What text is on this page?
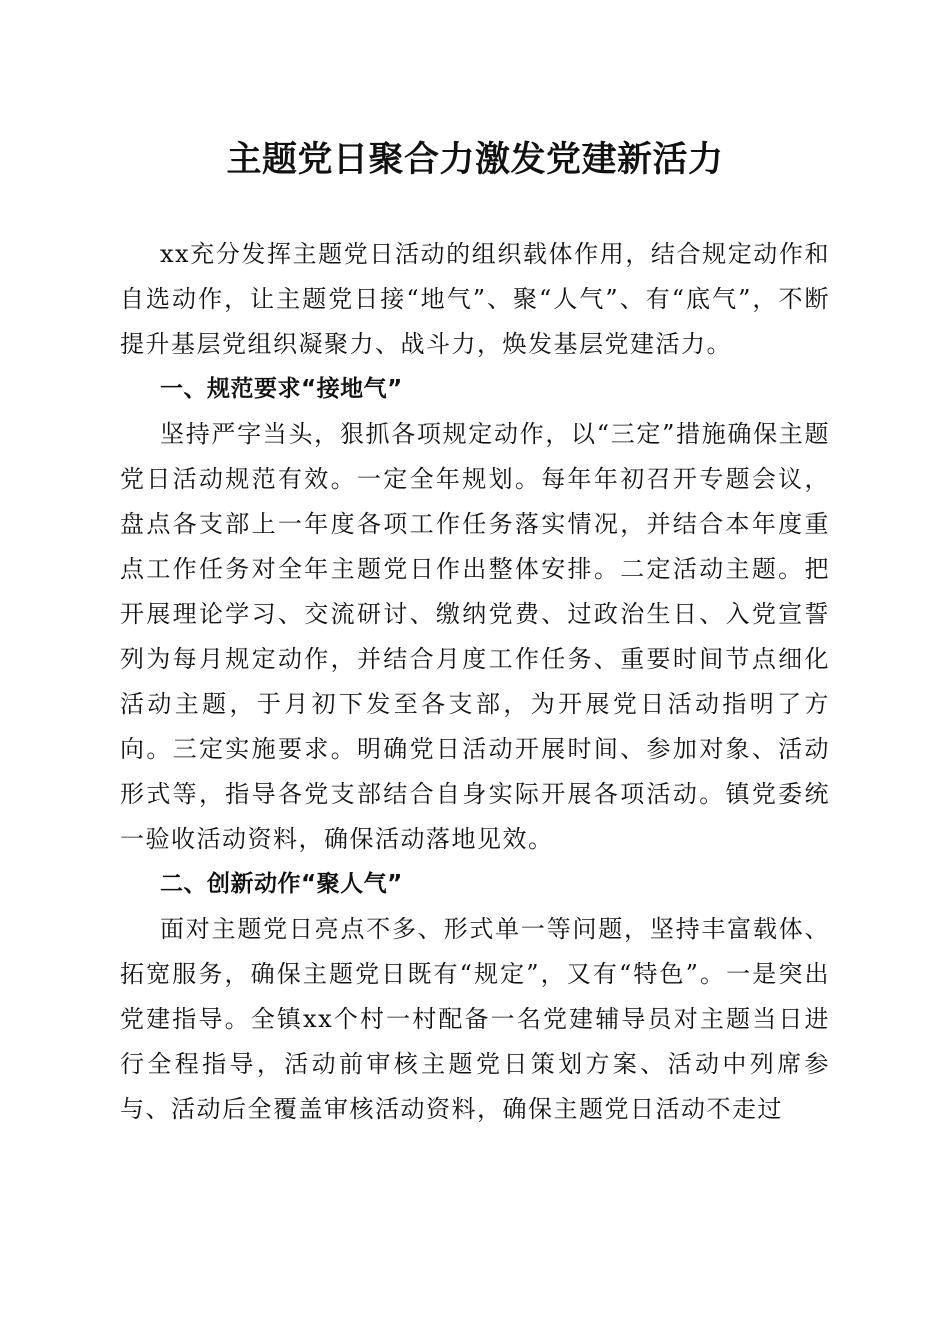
主题党日聚合力激发党建新活力

xx充分发挥主题党日活动的组织载体作用，结合规定动作和自选动作，让主题党日接“地气”、聚“人气”、有“底气”，不断提升基层党组织凝聚力、战斗力，焕发基层党建活力。

一、规范要求“接地气”

坚持严字当头，狠抓各项规定动作，以“三定”措施确保主题党日活动规范有效。一定全年规划。每年年初召开专题会议，盘点各支部上一年度各项工作任务落实情况，并结合本年度重点工作任务对全年主题党日作出整体安排。二定活动主题。把开展理论学习、交流研讨、缴纳党费、过政治生日、入党宣誓列为每月规定动作，并结合月度工作任务、重要时间节点细化活动主题，于月初下发至各支部，为开展党日活动指明了方向。三定实施要求。明确党日活动开展时间、参加对象、活动形式等，指导各党支部结合自身实际开展各项活动。镇党委统一验收活动资料，确保活动落地见效。

二、创新动作“聚人气”

面对主题党日亮点不多、形式单一等问题，坚持丰富载体、拓宽服务，确保主题党日既有“规定”，又有“特色”。一是突出党建指导。全镇xx个村一村配备一名党建辅导员对主题当日进行全程指导，活动前审核主题党日策划方案、活动中列席参与、活动后全覆盖审核活动资料，确保主题党日活动不走过
